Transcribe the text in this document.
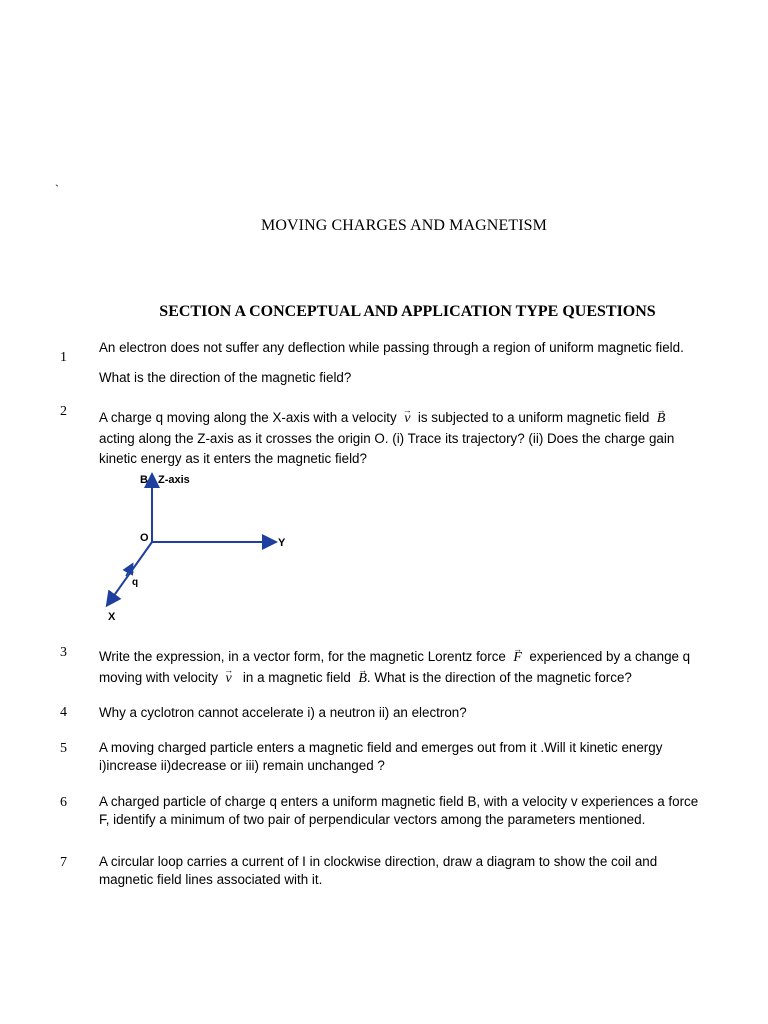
`
MOVING CHARGES AND MAGNETISM
SECTION A CONCEPTUAL AND APPLICATION TYPE QUESTIONS
1
An electron does not suffer any deflection while passing through a region of uniform magnetic field.
What is the direction of the magnetic field?
2 A charge q moving along the X-axis with a velocity → v is subjected to a uniform magnetic field → B
acting along the Z-axis as it crosses the origin O. (i) Trace its trajectory? (ii) Does the charge gain
kinetic energy as it enters the magnetic field?
B Z-axis
O	Y
q
X
3 Write the expression, in a vector form, for the magnetic Lorentz force → F experienced by a change q
moving with velocity → v in a magnetic field → B. What is the direction of the magnetic force?
4 Why a cyclotron cannot accelerate i) a neutron ii) an electron?
5 A moving charged particle enters a magnetic field and emerges out from it .Will it kinetic energy
i)increase ii)decrease or iii) remain unchanged ?
6 A charged particle of charge q enters a uniform magnetic field B, with a velocity v experiences a force
F, identify a minimum of two pair of perpendicular vectors among the parameters mentioned.
7 A circular loop carries a current of I in clockwise direction, draw a diagram to show the coil and
magnetic field lines associated with it.
